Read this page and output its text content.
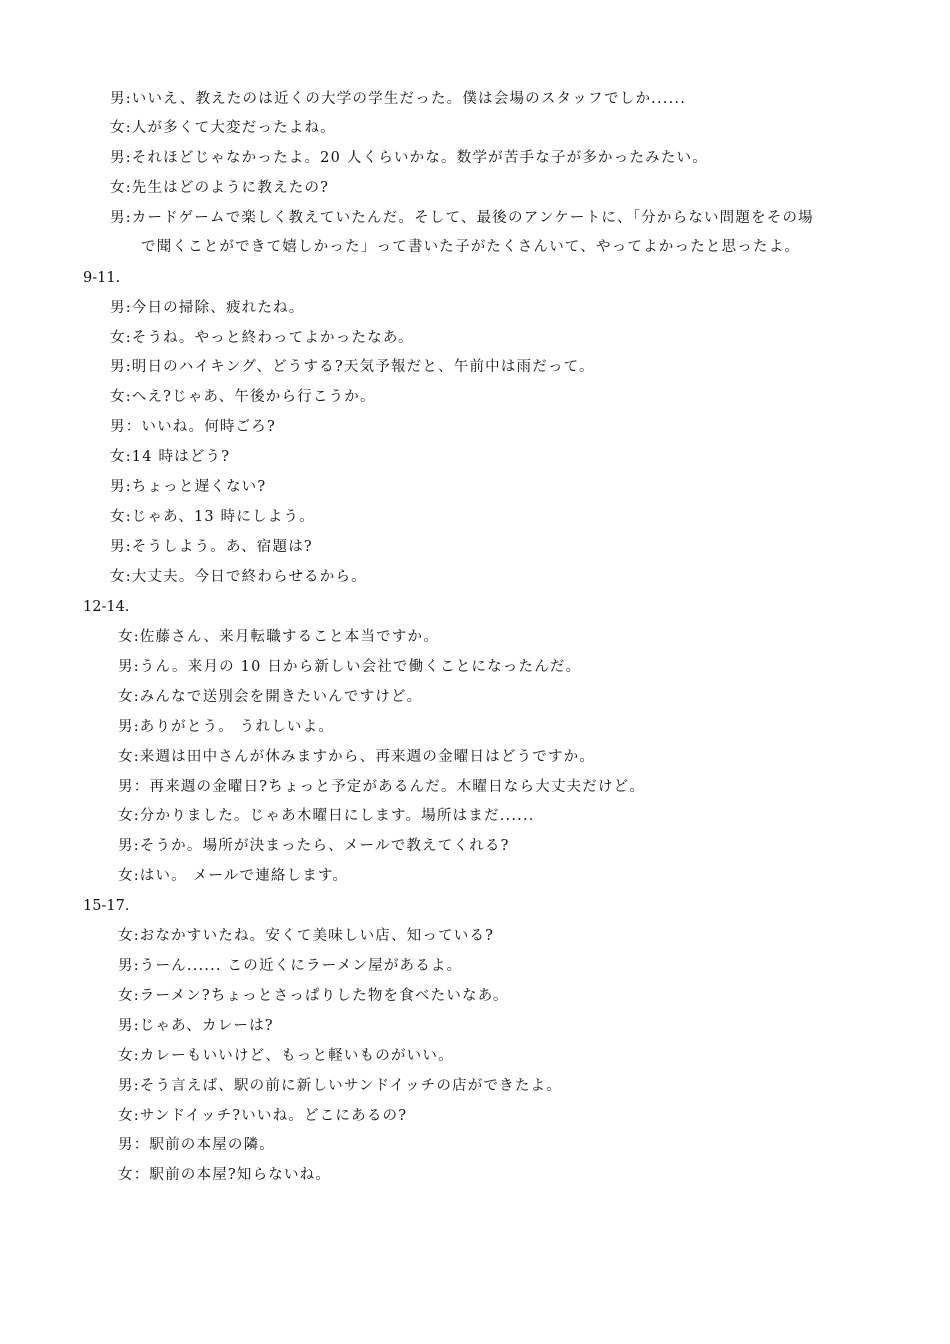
男:いいえ、教えたのは近くの大学の学生だった。僕は会場のスタッフでしか......
女:人が多くて大変だったよね。
男:それほどじゃなかったよ。20 人くらいかな。数学が苦手な子が多かったみたい。
女:先生はどのように教えたの?
男:カードゲームで楽しく教えていたんだ。そして、最後のアンケートに、「分からない問題をその場
で聞くことができて嬉しかった」って書いた子がたくさんいて、やってよかったと思ったよ。
9-11.
男:今日の掃除、疲れたね。
女:そうね。やっと終わってよかったなあ。
男:明日のハイキング、どうする?天気予報だと、午前中は雨だって。
女:へえ?じゃあ、午後から行こうか。
男：いいね。何時ごろ?
女:14 時はどう?
男:ちょっと遅くない?
女:じゃあ、13 時にしよう。
男:そうしよう。あ、宿題は?
女:大丈夫。今日で終わらせるから。
12-14.
女:佐藤さん、来月転職すること本当ですか。
男:うん。来月の 10 日から新しい会社で働くことになったんだ。
女:みんなで送別会を開きたいんですけど。
男:ありがとう。 うれしいよ。
女:来週は田中さんが休みますから、再来週の金曜日はどうですか。
男：再来週の金曜日?ちょっと予定があるんだ。木曜日なら大丈夫だけど。
女:分かりました。じゃあ木曜日にします。場所はまだ......
男:そうか。場所が決まったら、メールで教えてくれる?
女:はい。 メールで連絡します。
15-17.
女:おなかすいたね。安くて美味しい店、知っている?
男:うーん...... この近くにラーメン屋があるよ。
女:ラーメン?ちょっとさっぱりした物を食べたいなあ。
男:じゃあ、カレーは?
女:カレーもいいけど、もっと軽いものがいい。
男:そう言えば、駅の前に新しいサンドイッチの店ができたよ。
女:サンドイッチ?いいね。どこにあるの?
男：駅前の本屋の隣。
女：駅前の本屋?知らないね。
